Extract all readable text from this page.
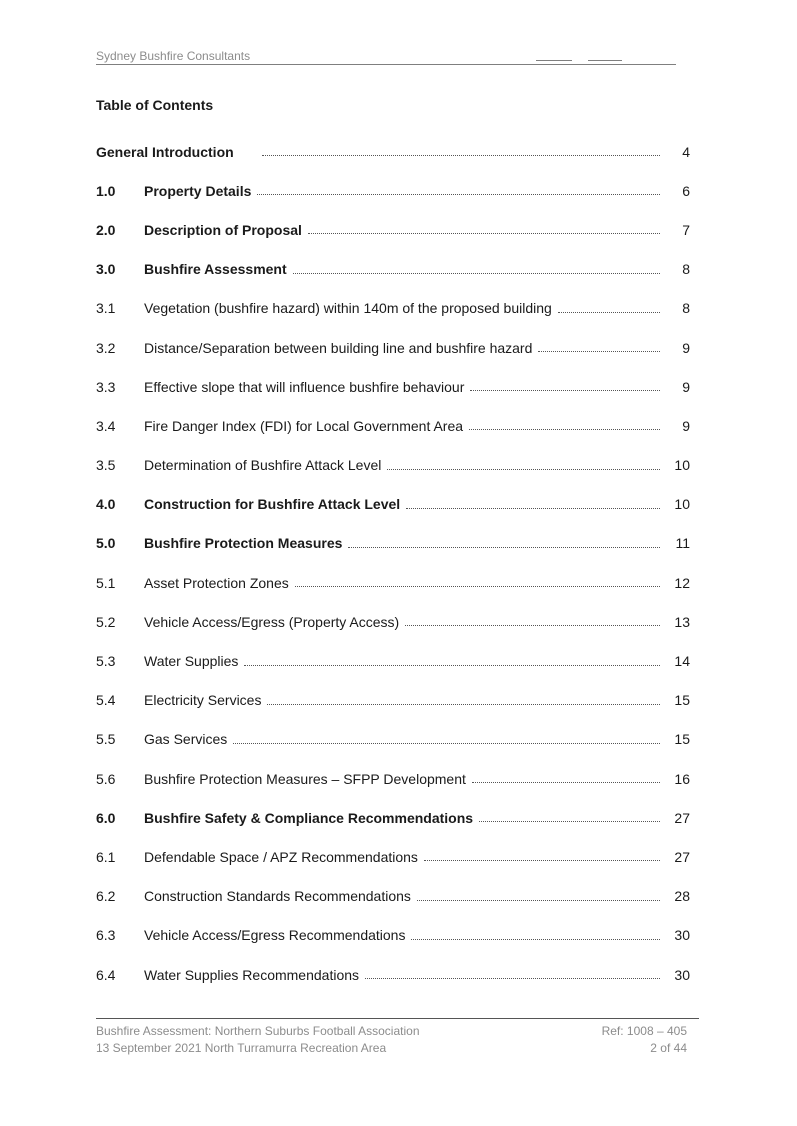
Sydney Bushfire Consultants
Table of Contents
General Introduction	4
1.0	Property Details	6
2.0	Description of Proposal	7
3.0	Bushfire Assessment	8
3.1	Vegetation (bushfire hazard) within 140m of the proposed building	8
3.2	Distance/Separation between building line and bushfire hazard	9
3.3	Effective slope that will influence bushfire behaviour	9
3.4	Fire Danger Index (FDI) for Local Government Area	9
3.5	Determination of Bushfire Attack Level	10
4.0	Construction for Bushfire Attack Level	10
5.0	Bushfire Protection Measures	11
5.1	Asset Protection Zones	12
5.2	Vehicle Access/Egress (Property Access)	13
5.3	Water Supplies	14
5.4	Electricity Services	15
5.5	Gas Services	15
5.6	Bushfire Protection Measures – SFPP Development	16
6.0	Bushfire Safety & Compliance Recommendations	27
6.1	Defendable Space / APZ Recommendations	27
6.2	Construction Standards Recommendations	28
6.3	Vehicle Access/Egress Recommendations	30
6.4	Water Supplies Recommendations	30
Bushfire Assessment: Northern Suburbs Football Association	Ref: 1008 – 405
13 September 2021 North Turramurra Recreation Area	2 of 44
